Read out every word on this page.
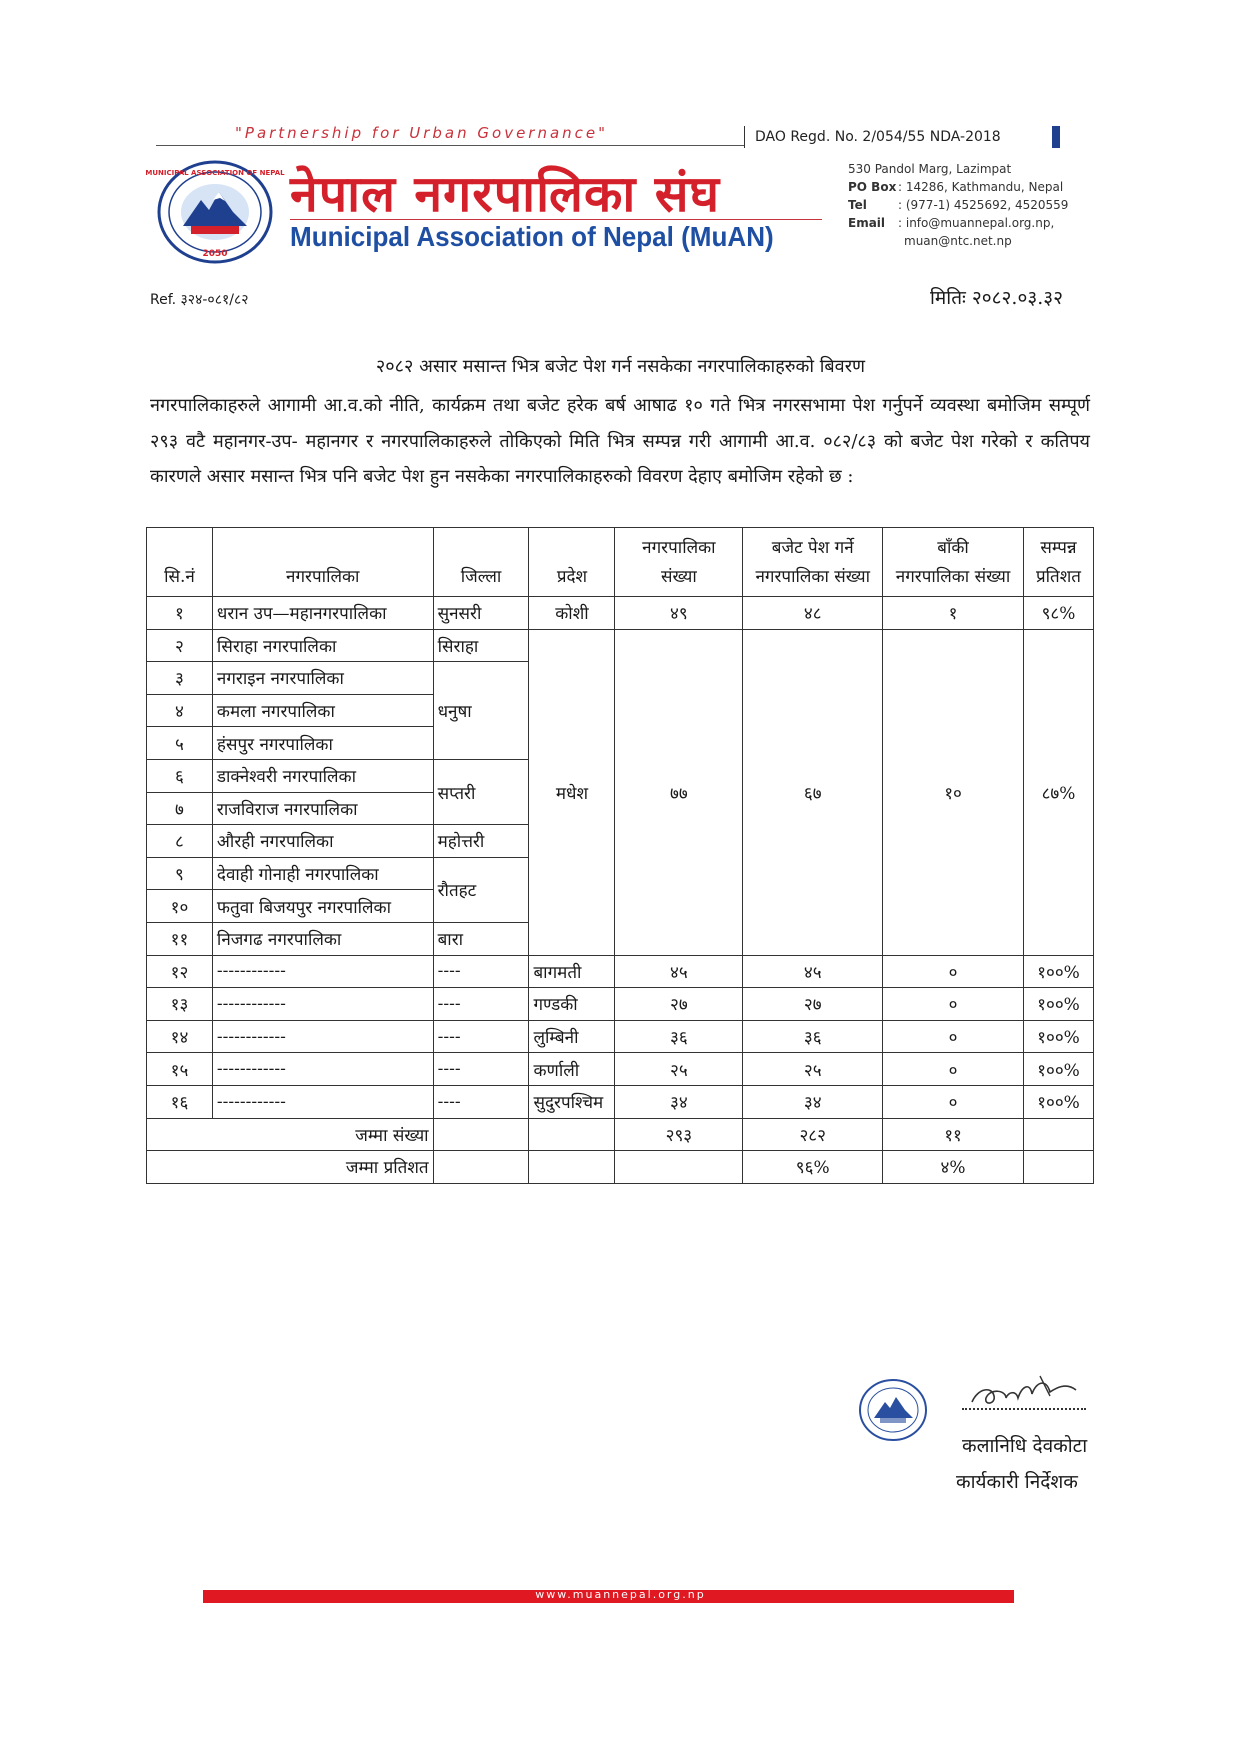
"Partnership for Urban Governance"	DAO Regd. No. 2/054/55 NDA-2018
2050
MUNICIPAL ASSOCIATION OF NEPAL नेपाल नगरपालिका संघ
Municipal Association of Nepal (MuAN)
530 Pandol Marg, Lazimpat
PO Box : 14286, Kathmandu, Nepal
Tel	: (977-1) 4525692, 4520559
Email : info@muannepal.org.np,
muan@ntc.net.np
Ref. ३२४-०८१/८२	मितिः २०८२.०३.३२
२०८२ असार मसान्त भित्र बजेट पेश गर्न नसकेका नगरपालिकाहरुको बिवरण
नगरपालिकाहरुले आगामी आ.व.को नीति, कार्यक्रम तथा बजेट हरेक बर्ष आषाढ १० गते भित्र नगरसभामा पेश गर्नुपर्ने व्यवस्था बमोजिम सम्पूर्ण २९३ वटै महानगर-उप- महानगर र नगरपालिकाहरुले तोकिएको मिति भित्र सम्पन्न गरी आगामी आ.व. ०८२/८३ को बजेट पेश गरेको र कतिपय कारणले असार मसान्त भित्र पनि बजेट पेश हुन नसकेका नगरपालिकाहरुको विवरण देहाए बमोजिम रहेको छ :
				नगरपालिका	बजेट पेश गर्ने	बाँकी	सम्पन्न
सि.नं	नगरपालिका	जिल्ला	प्रदेश	संख्या	नगरपालिका संख्या	नगरपालिका संख्या	प्रतिशत
१	धरान उप—महानगरपालिका	सुनसरी	कोशी	४९	४८	१	९८%
२	सिराहा नगरपालिका	सिराहा	मधेश	७७	६७	१०	८७%
३	नगराइन नगरपालिका	धनुषा					
४	कमला नगरपालिका						
५	हंसपुर नगरपालिका						
६	डाक्नेश्वरी नगरपालिका	सप्तरी					
७	राजविराज नगरपालिका						
८	औरही नगरपालिका	महोत्तरी					
९	देवाही गोनाही नगरपालिका	रौतहट					
१०	फतुवा बिजयपुर नगरपालिका						
११	निजगढ नगरपालिका	बारा					
१२	------------	----	बागमती	४५	४५	०	१००%
१३	------------	----	गण्डकी	२७	२७	०	१००%
१४	------------	----	लुम्बिनी	३६	३६	०	१००%
१५	------------	----	कर्णाली	२५	२५	०	१००%
१६	------------	----	सुदुरपश्चिम	३४	३४	०	१००%
जम्मा संख्या				२९३	२८२	११	
जम्मा प्रतिशत					९६%	४%	
कलानिधि देवकोटा
कार्यकारी निर्देशक
www.muannepal.org.np
